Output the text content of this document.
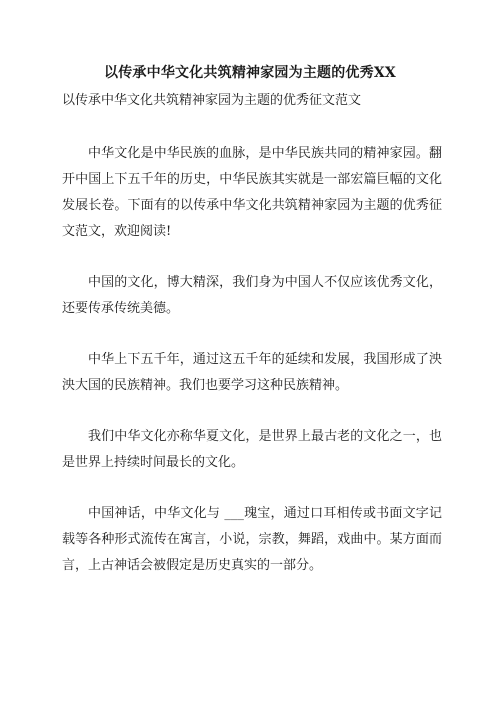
以传承中华文化共筑精神家园为主题的优秀XX
以传承中华文化共筑精神家园为主题的优秀征文范文

中华文化是中华民族的血脉，是中华民族共同的精神家园。翻开中国上下五千年的历史，中华民族其实就是一部宏篇巨幅的文化发展长卷。下面有的以传承中华文化共筑精神家园为主题的优秀征文范文，欢迎阅读!

中国的文化，博大精深，我们身为中国人不仅应该优秀文化，还要传承传统美德。

中华上下五千年，通过这五千年的延续和发展，我国形成了泱泱大国的民族精神。我们也要学习这种民族精神。

我们中华文化亦称华夏文化，是世界上最古老的文化之一，也是世界上持续时间最长的文化。

中国神话，中华文化与 ___瑰宝，通过口耳相传或书面文字记载等各种形式流传在寓言，小说，宗教，舞蹈，戏曲中。某方面而言，上古神话会被假定是历史真实的一部分。
